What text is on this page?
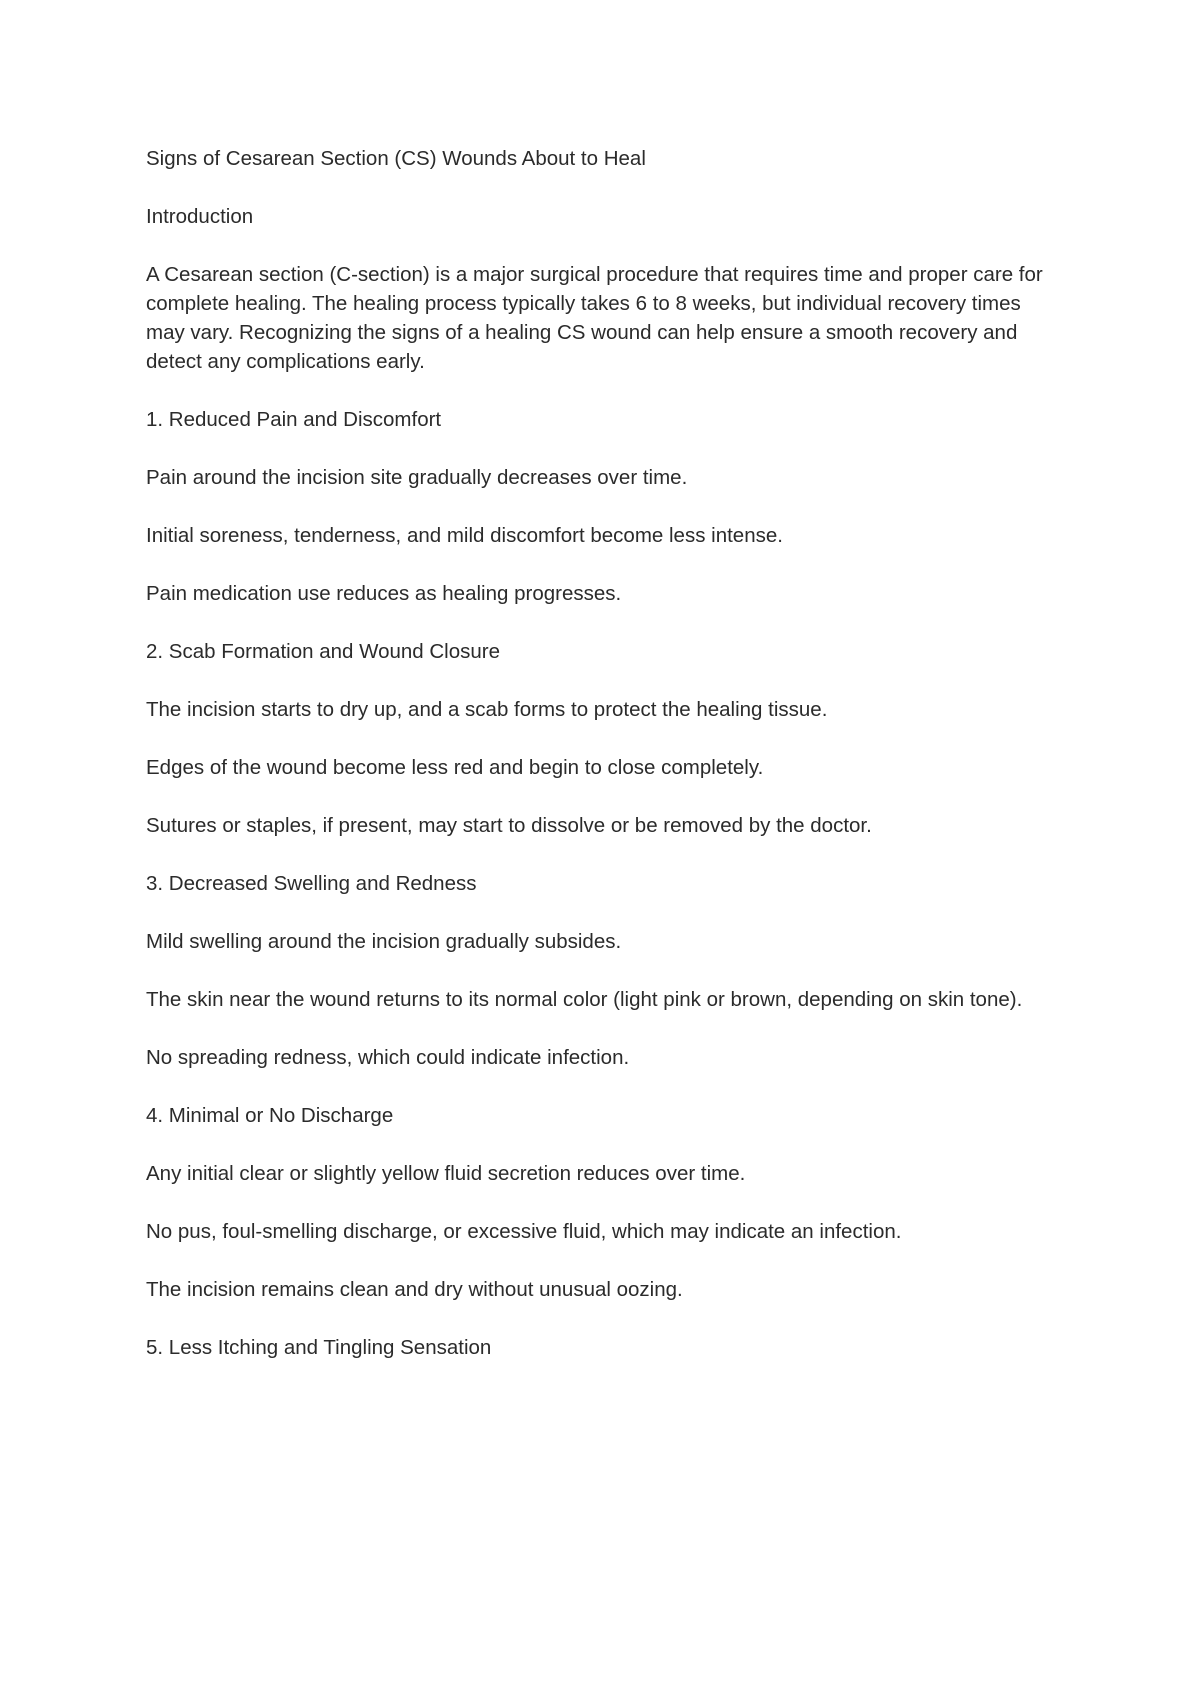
Signs of Cesarean Section (CS) Wounds About to Heal

Introduction

A Cesarean section (C-section) is a major surgical procedure that requires time and proper care for complete healing. The healing process typically takes 6 to 8 weeks, but individual recovery times may vary. Recognizing the signs of a healing CS wound can help ensure a smooth recovery and detect any complications early.

1. Reduced Pain and Discomfort

Pain around the incision site gradually decreases over time.

Initial soreness, tenderness, and mild discomfort become less intense.

Pain medication use reduces as healing progresses.

2. Scab Formation and Wound Closure

The incision starts to dry up, and a scab forms to protect the healing tissue.

Edges of the wound become less red and begin to close completely.

Sutures or staples, if present, may start to dissolve or be removed by the doctor.

3. Decreased Swelling and Redness

Mild swelling around the incision gradually subsides.

The skin near the wound returns to its normal color (light pink or brown, depending on skin tone).

No spreading redness, which could indicate infection.

4. Minimal or No Discharge

Any initial clear or slightly yellow fluid secretion reduces over time.

No pus, foul-smelling discharge, or excessive fluid, which may indicate an infection.

The incision remains clean and dry without unusual oozing.

5. Less Itching and Tingling Sensation
